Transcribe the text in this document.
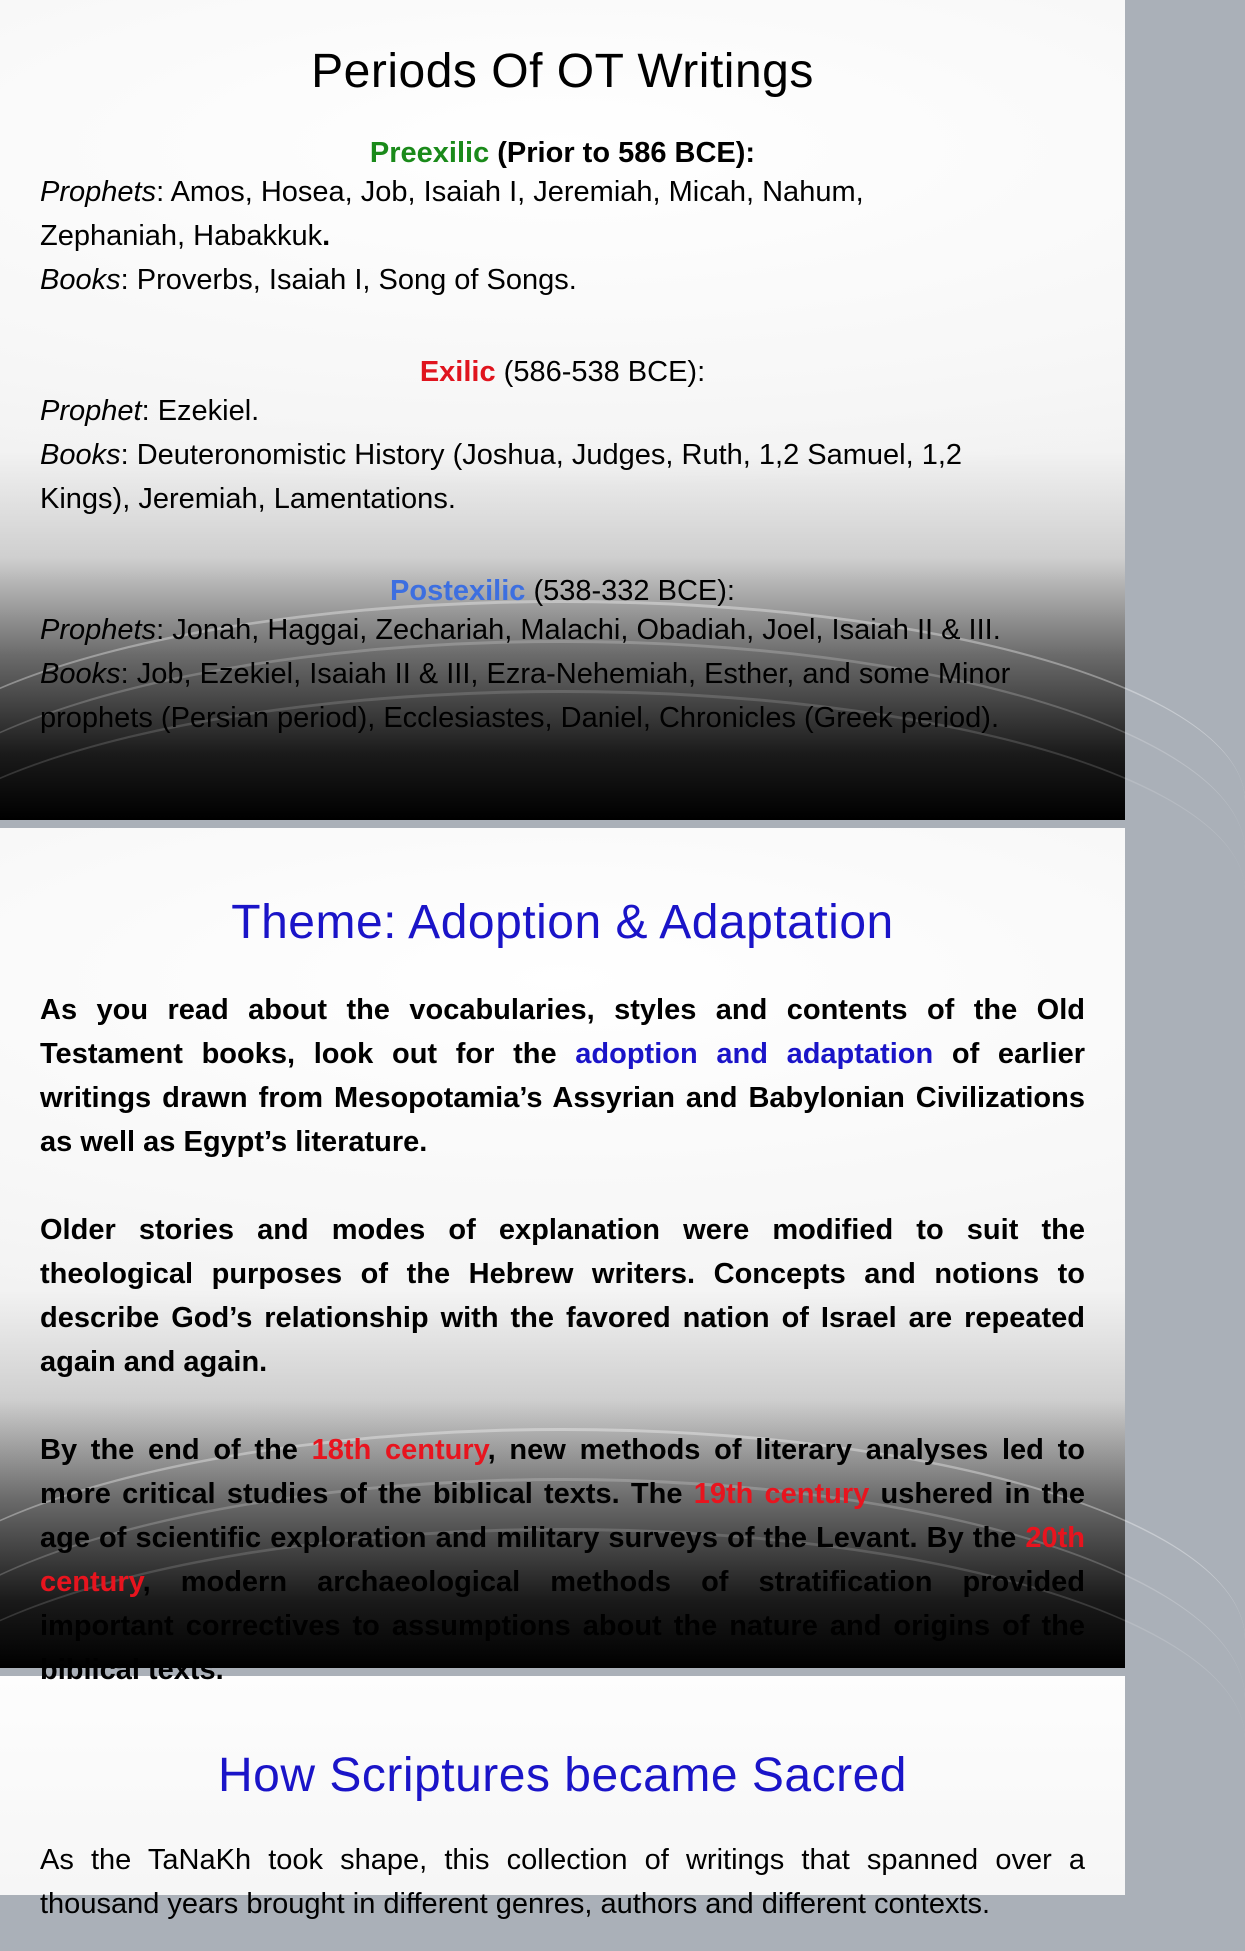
Periods Of OT Writings

Preexilic (Prior to 586 BCE):

Prophets: Amos, Hosea, Job, Isaiah I, Jeremiah, Micah, Nahum,

Zephaniah, Habakkuk.

Books: Proverbs, Isaiah I, Song of Songs.

Exilic (586-538 BCE):

Prophet: Ezekiel.

Books: Deuteronomistic History (Joshua, Judges, Ruth, 1,2 Samuel, 1,2

Kings), Jeremiah, Lamentations.

Postexilic (538-332 BCE):

Prophets: Jonah, Haggai, Zechariah, Malachi, Obadiah, Joel, Isaiah II & III.

Books: Job, Ezekiel, Isaiah II & III, Ezra-Nehemiah, Esther, and some Minor

prophets (Persian period), Ecclesiastes, Daniel, Chronicles (Greek period).

Theme: Adoption & Adaptation

As you read about the vocabularies, styles and contents of the Old Testament books, look out for the adoption and adaptation of earlier writings drawn from Mesopotamia’s Assyrian and Babylonian Civilizations as well as Egypt’s literature.

Older stories and modes of explanation were modified to suit the theological purposes of the Hebrew writers. Concepts and notions to describe God’s relationship with the favored nation of Israel are repeated again and again.

By the end of the 18th century, new methods of literary analyses led to more critical studies of the biblical texts. The 19th century ushered in the age of scientific exploration and military surveys of the Levant. By the 20th century, modern archaeological methods of stratification provided important correctives to assumptions about the nature and origins of the biblical texts.

How Scriptures became Sacred

As the TaNaKh took shape, this collection of writings that spanned over a thousand years brought in different genres, authors and different contexts.
